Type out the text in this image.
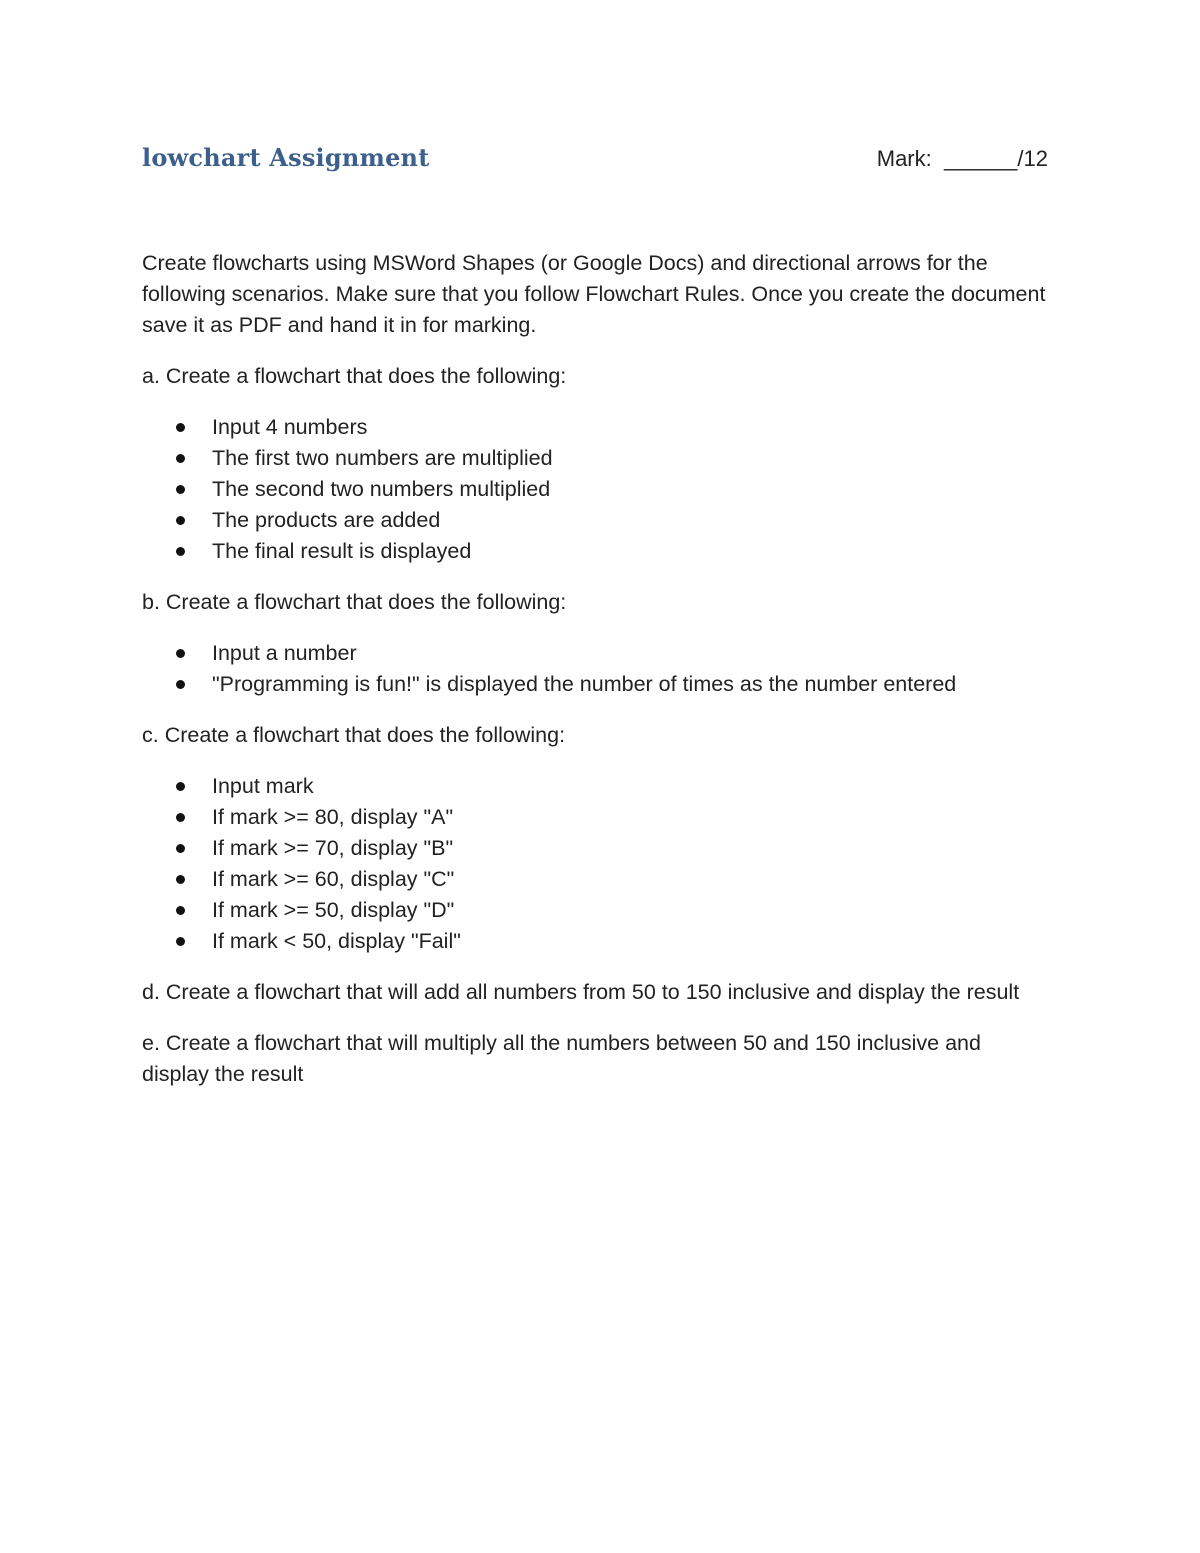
lowchart Assignment	Mark: ______/12

Create flowcharts using MSWord Shapes (or Google Docs) and directional arrows for the following scenarios. Make sure that you follow Flowchart Rules. Once you create the document save it as PDF and hand it in for marking.

a. Create a flowchart that does the following:

Input 4 numbers
The first two numbers are multiplied
The second two numbers multiplied
The products are added
The final result is displayed

b. Create a flowchart that does the following:

Input a number
"Programming is fun!" is displayed the number of times as the number entered

c. Create a flowchart that does the following:

Input mark
If mark >= 80, display "A"
If mark >= 70, display "B"
If mark >= 60, display "C"
If mark >= 50, display "D"
If mark < 50, display "Fail"

d. Create a flowchart that will add all numbers from 50 to 150 inclusive and display the result

e. Create a flowchart that will multiply all the numbers between 50 and 150 inclusive and display the result
